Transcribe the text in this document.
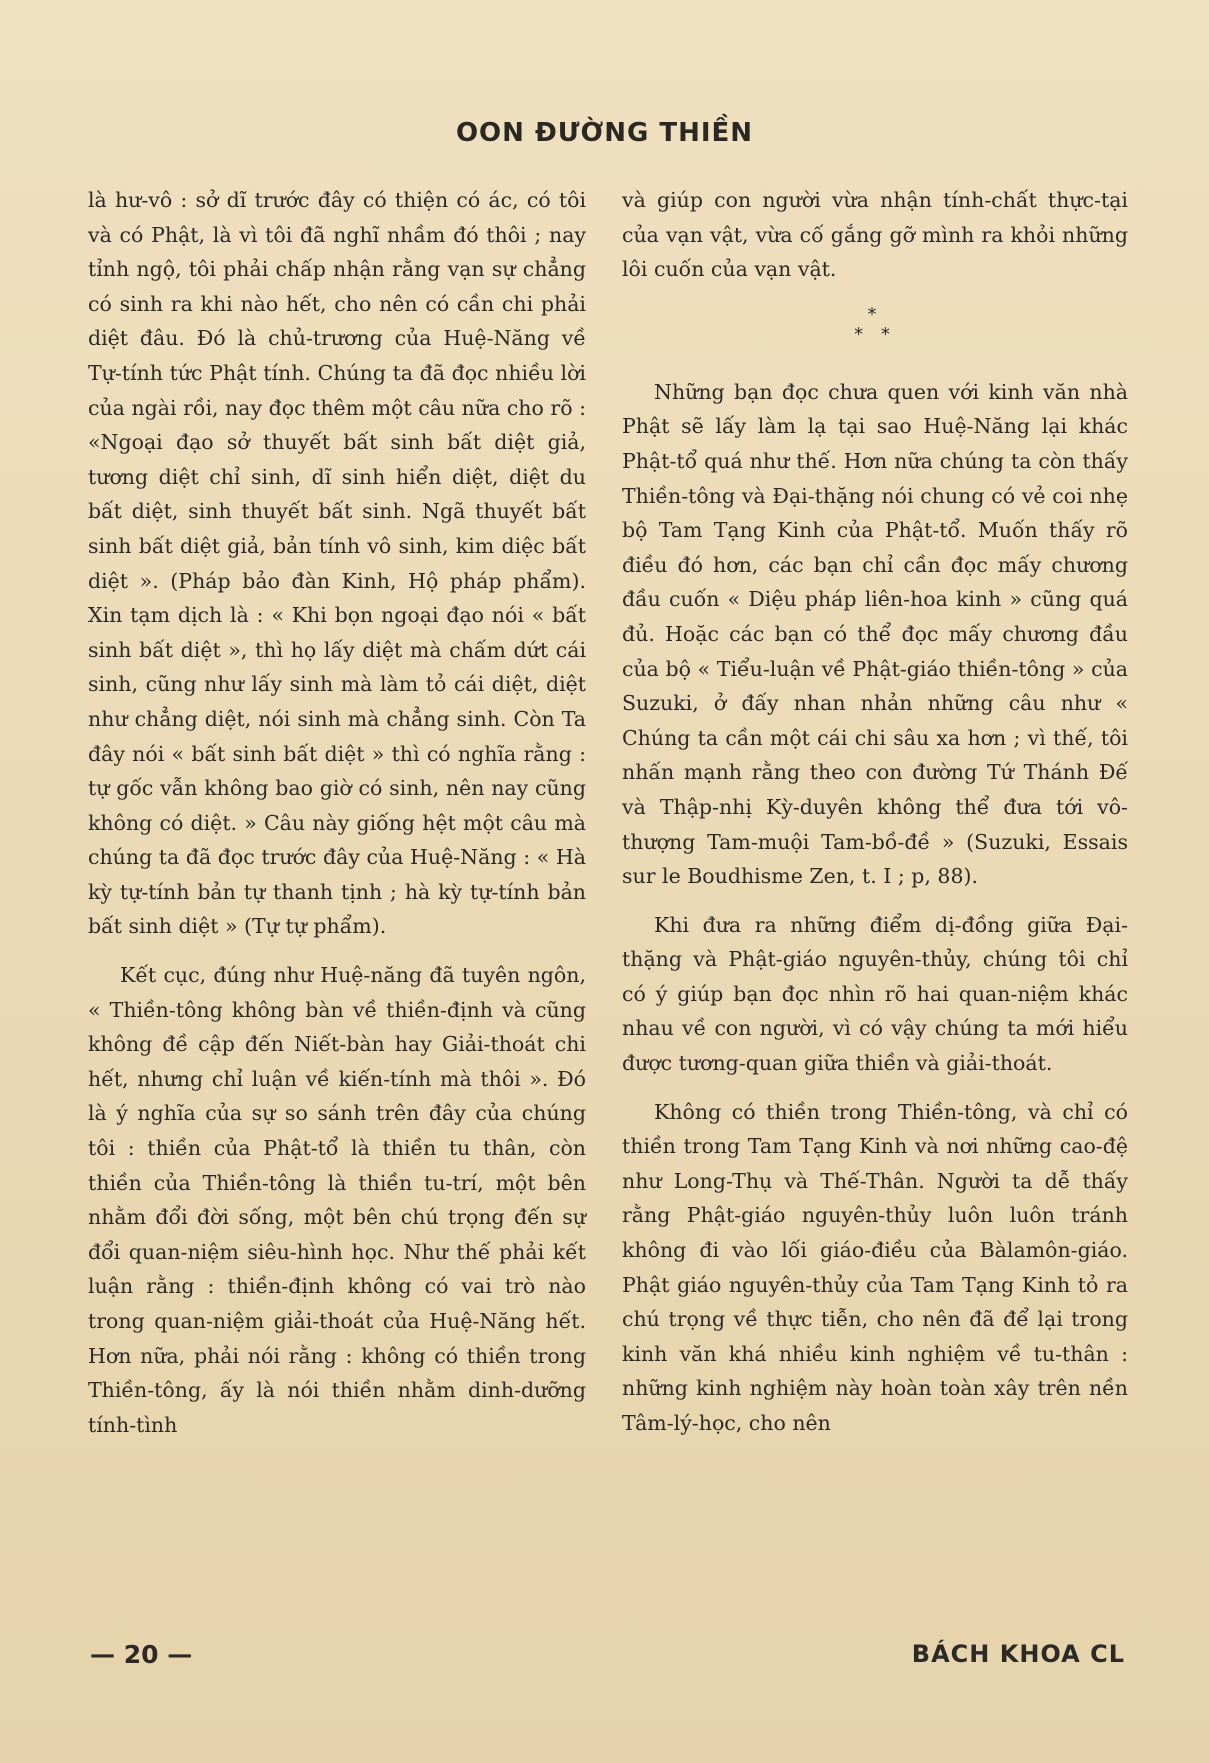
OON ĐƯỜNG THIỀN

là hư-vô : sở dĩ trước đây có thiện có ác, có tôi và có Phật, là vì tôi đã nghĩ nhầm đó thôi ; nay tỉnh ngộ, tôi phải chấp nhận rằng vạn sự chẳng có sinh ra khi nào hết, cho nên có cần chi phải diệt đâu. Đó là chủ-trương của Huệ-Năng về Tự-tính tức Phật tính. Chúng ta đã đọc nhiều lời của ngài rồi, nay đọc thêm một câu nữa cho rõ : «Ngoại đạo sở thuyết bất sinh bất diệt giả, tương diệt chỉ sinh, dĩ sinh hiển diệt, diệt du bất diệt, sinh thuyết bất sinh. Ngã thuyết bất sinh bất diệt giả, bản tính vô sinh, kim diệc bất diệt ». (Pháp bảo đàn Kinh, Hộ pháp phẩm). Xin tạm dịch là : « Khi bọn ngoại đạo nói « bất sinh bất diệt », thì họ lấy diệt mà chấm dứt cái sinh, cũng như lấy sinh mà làm tỏ cái diệt, diệt như chẳng diệt, nói sinh mà chẳng sinh. Còn Ta đây nói « bất sinh bất diệt » thì có nghĩa rằng : tự gốc vẫn không bao giờ có sinh, nên nay cũng không có diệt. » Câu này giống hệt một câu mà chúng ta đã đọc trước đây của Huệ-Năng : « Hà kỳ tự-tính bản tự thanh tịnh ; hà kỳ tự-tính bản bất sinh diệt » (Tự tự phẩm).

Kết cục, đúng như Huệ-năng đã tuyên ngôn, « Thiền-tông không bàn về thiền-định và cũng không đề cập đến Niết-bàn hay Giải-thoát chi hết, nhưng chỉ luận về kiến-tính mà thôi ». Đó là ý nghĩa của sự so sánh trên đây của chúng tôi : thiền của Phật-tổ là thiền tu thân, còn thiền của Thiền-tông là thiền tu-trí, một bên nhằm đổi đời sống, một bên chú trọng đến sự đổi quan-niệm siêu-hình học. Như thế phải kết luận rằng : thiền-định không có vai trò nào trong quan-niệm giải-thoát của Huệ-Năng hết. Hơn nữa, phải nói rằng : không có thiền trong Thiền-tông, ấy là nói thiền nhằm dinh-dưỡng tính-tình

và giúp con người vừa nhận tính-chất thực-tại của vạn vật, vừa cố gắng gỡ mình ra khỏi những lôi cuốn của vạn vật.

*
* *

Những bạn đọc chưa quen với kinh văn nhà Phật sẽ lấy làm lạ tại sao Huệ-Năng lại khác Phật-tổ quá như thế. Hơn nữa chúng ta còn thấy Thiền-tông và Đại-thặng nói chung có vẻ coi nhẹ bộ Tam Tạng Kinh của Phật-tổ. Muốn thấy rõ điều đó hơn, các bạn chỉ cần đọc mấy chương đầu cuốn « Diệu pháp liên-hoa kinh » cũng quá đủ. Hoặc các bạn có thể đọc mấy chương đầu của bộ « Tiểu-luận về Phật-giáo thiền-tông » của Suzuki, ở đấy nhan nhản những câu như « Chúng ta cần một cái chi sâu xa hơn ; vì thế, tôi nhấn mạnh rằng theo con đường Tứ Thánh Đế và Thập-nhị Kỳ-duyên không thể đưa tới vô-thượng Tam-muội Tam-bồ-đề » (Suzuki, Essais sur le Boudhisme Zen, t. I ; p, 88).

Khi đưa ra những điểm dị-đồng giữa Đại-thặng và Phật-giáo nguyên-thủy, chúng tôi chỉ có ý giúp bạn đọc nhìn rõ hai quan-niệm khác nhau về con người, vì có vậy chúng ta mới hiểu được tương-quan giữa thiền và giải-thoát.

Không có thiền trong Thiền-tông, và chỉ có thiền trong Tam Tạng Kinh và nơi những cao-đệ như Long-Thụ và Thế-Thân. Người ta dễ thấy rằng Phật-giáo nguyên-thủy luôn luôn tránh không đi vào lối giáo-điều của Bàlamôn-giáo. Phật giáo nguyên-thủy của Tam Tạng Kinh tỏ ra chú trọng về thực tiễn, cho nên đã để lại trong kinh văn khá nhiều kinh nghiệm về tu-thân : những kinh nghiệm này hoàn toàn xây trên nền Tâm-lý-học, cho nên

— 20 —	BÁCH KHOA CL
